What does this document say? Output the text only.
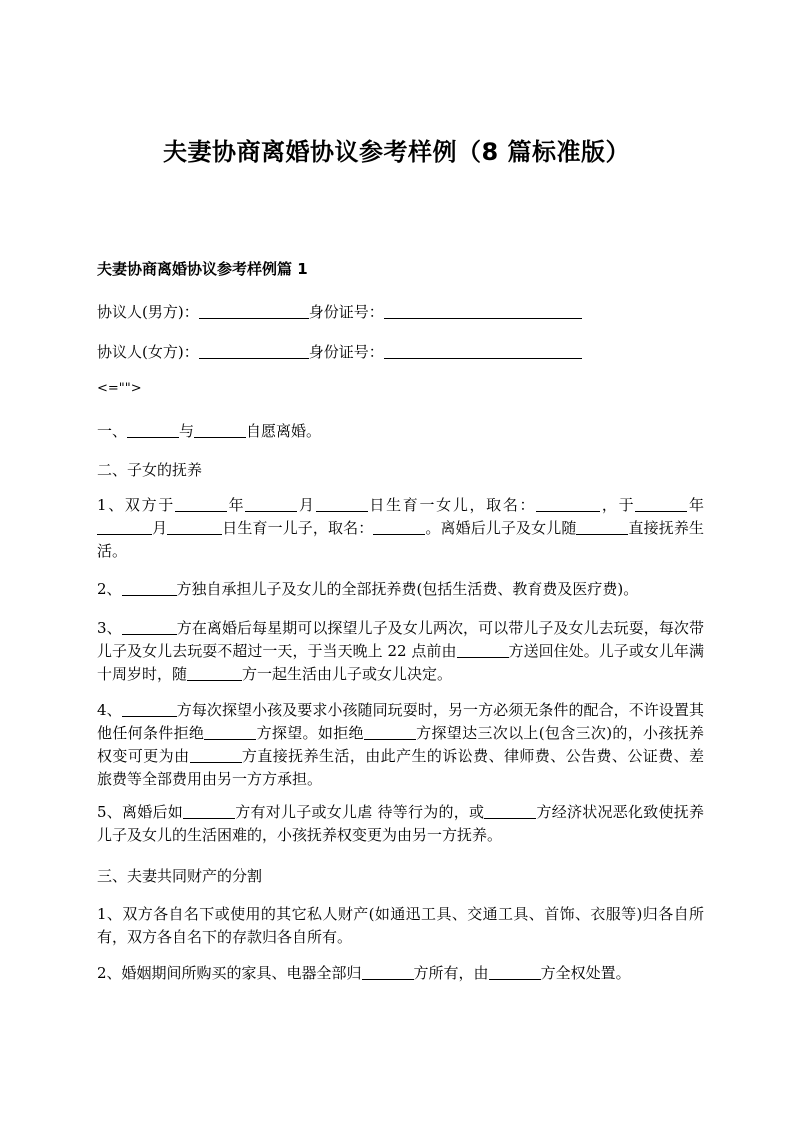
夫妻协商离婚协议参考样例（8 篇标准版）
夫妻协商离婚协议参考样例篇 1

协议人(男方)：	身份证号：

协议人(女方)：	身份证号：

<="">

一、	与	自愿离婚。

二、子女的抚养

1、双方于	年	月	日生育一女儿，取名：	，于	年月	日生育一儿子，取名：	。离婚后儿子及女儿随	直接抚养生活。

2、	方独自承担儿子及女儿的全部抚养费(包括生活费、教育费及医疗费)。

3、	方在离婚后每星期可以探望儿子及女儿两次，可以带儿子及女儿去玩耍，每次带儿子及女儿去玩耍不超过一天，于当天晚上 22 点前由	方送回住处。儿子或女儿年满十周岁时，随	方一起生活由儿子或女儿决定。

4、	方每次探望小孩及要求小孩随同玩耍时，另一方必须无条件的配合，不许设置其他任何条件拒绝	方探望。如拒绝	方探望达三次以上(包含三次)的，小孩抚养权变可更为由	方直接抚养生活，由此产生的诉讼费、律师费、公告费、公证费、差旅费等全部费用由另一方方承担。

5、离婚后如	方有对儿子或女儿虐 待等行为的，或	方经济状况恶化致使抚养儿子及女儿的生活困难的，小孩抚养权变更为由另一方抚养。

三、夫妻共同财产的分割

1、双方各自名下或使用的其它私人财产(如通迅工具、交通工具、首饰、衣服等)归各自所有，双方各自名下的存款归各自所有。

2、婚姻期间所购买的家具、电器全部归	方所有，由	方全权处置。
